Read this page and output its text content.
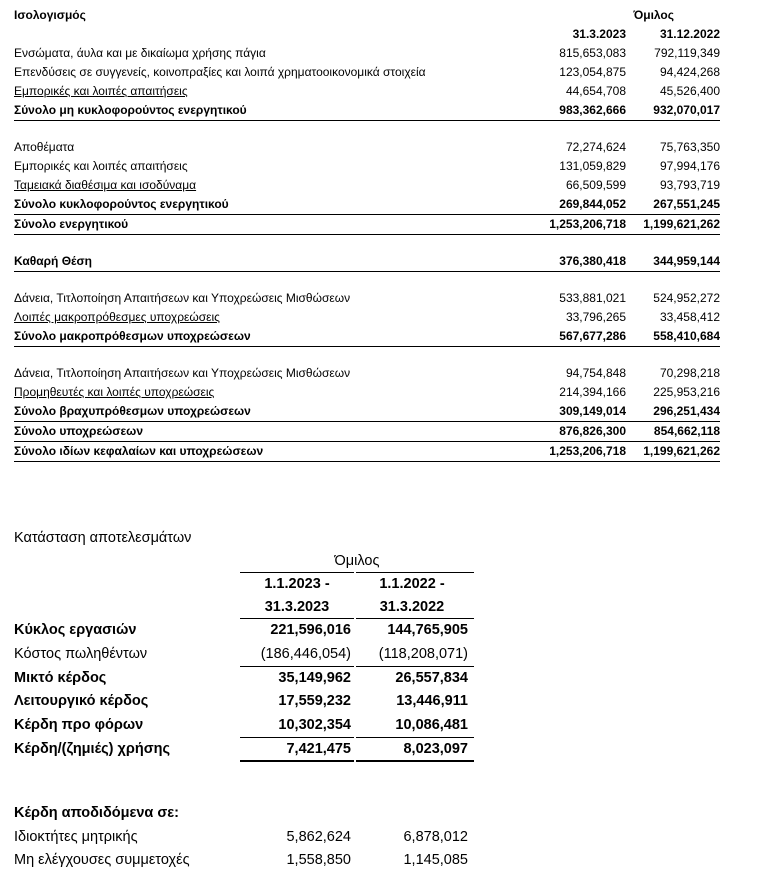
Ισολογισμός	Όμιλος
31.3.2023	31.12.2022
Ενσώματα, άυλα και με δικαίωμα χρήσης πάγια	815,653,083 792,119,349
Επενδύσεις σε συγγενείς, κοινοπραξίες και λοιπά χρηματοοικονομικά στοιχεία	123,054,875	94,424,268
Εμπορικές και λοιπές απαιτήσεις	44,654,708	45,526,400
Σύνολο μη κυκλοφορούντος ενεργητικού	983,362,666 932,070,017
Αποθέματα	72,274,624	75,763,350
Εμπορικές και λοιπές απαιτήσεις	131,059,829	97,994,176
Ταμειακά διαθέσιμα και ισοδύναμα	66,509,599	93,793,719
Σύνολο κυκλοφορούντος ενεργητικού	269,844,052 267,551,245
Σύνολο ενεργητικού	1,253,206,718 1,199,621,262
Καθαρή Θέση	376,380,418 344,959,144
Δάνεια, Τιτλοποίηση Απαιτήσεων και Υποχρεώσεις Μισθώσεων	533,881,021 524,952,272
Λοιπές μακροπρόθεσμες υποχρεώσεις	33,796,265	33,458,412
Σύνολο μακροπρόθεσμων υποχρεώσεων	567,677,286 558,410,684
Δάνεια, Τιτλοποίηση Απαιτήσεων και Υποχρεώσεις Μισθώσεων	94,754,848	70,298,218
Προμηθευτές και λοιπές υποχρεώσεις	214,394,166 225,953,216
Σύνολο βραχυπρόθεσμων υποχρεώσεων	309,149,014 296,251,434
Σύνολο υποχρεώσεων	876,826,300 854,662,118
Σύνολο ιδίων κεφαλαίων και υποχρεώσεων	1,253,206,718 1,199,621,262
Κατάσταση αποτελεσμάτων
Όμιλος
1.1.2023 -	1.1.2022 -
31.3.2023	31.3.2022
Κύκλος εργασιών	221,596,016	144,765,905
Κόστος πωληθέντων	(186,446,054) (118,208,071)
Μικτό κέρδος	35,149,962	26,557,834
Λειτουργικό κέρδος	17,559,232	13,446,911
Κέρδη προ φόρων	10,302,354	10,086,481
Κέρδη/(ζημιές) χρήσης	7,421,475	8,023,097
Κέρδη αποδιδόμενα σε:
Ιδιοκτήτες μητρικής	5,862,624	6,878,012
Μη ελέγχουσες συμμετοχές	1,558,850	1,145,085
